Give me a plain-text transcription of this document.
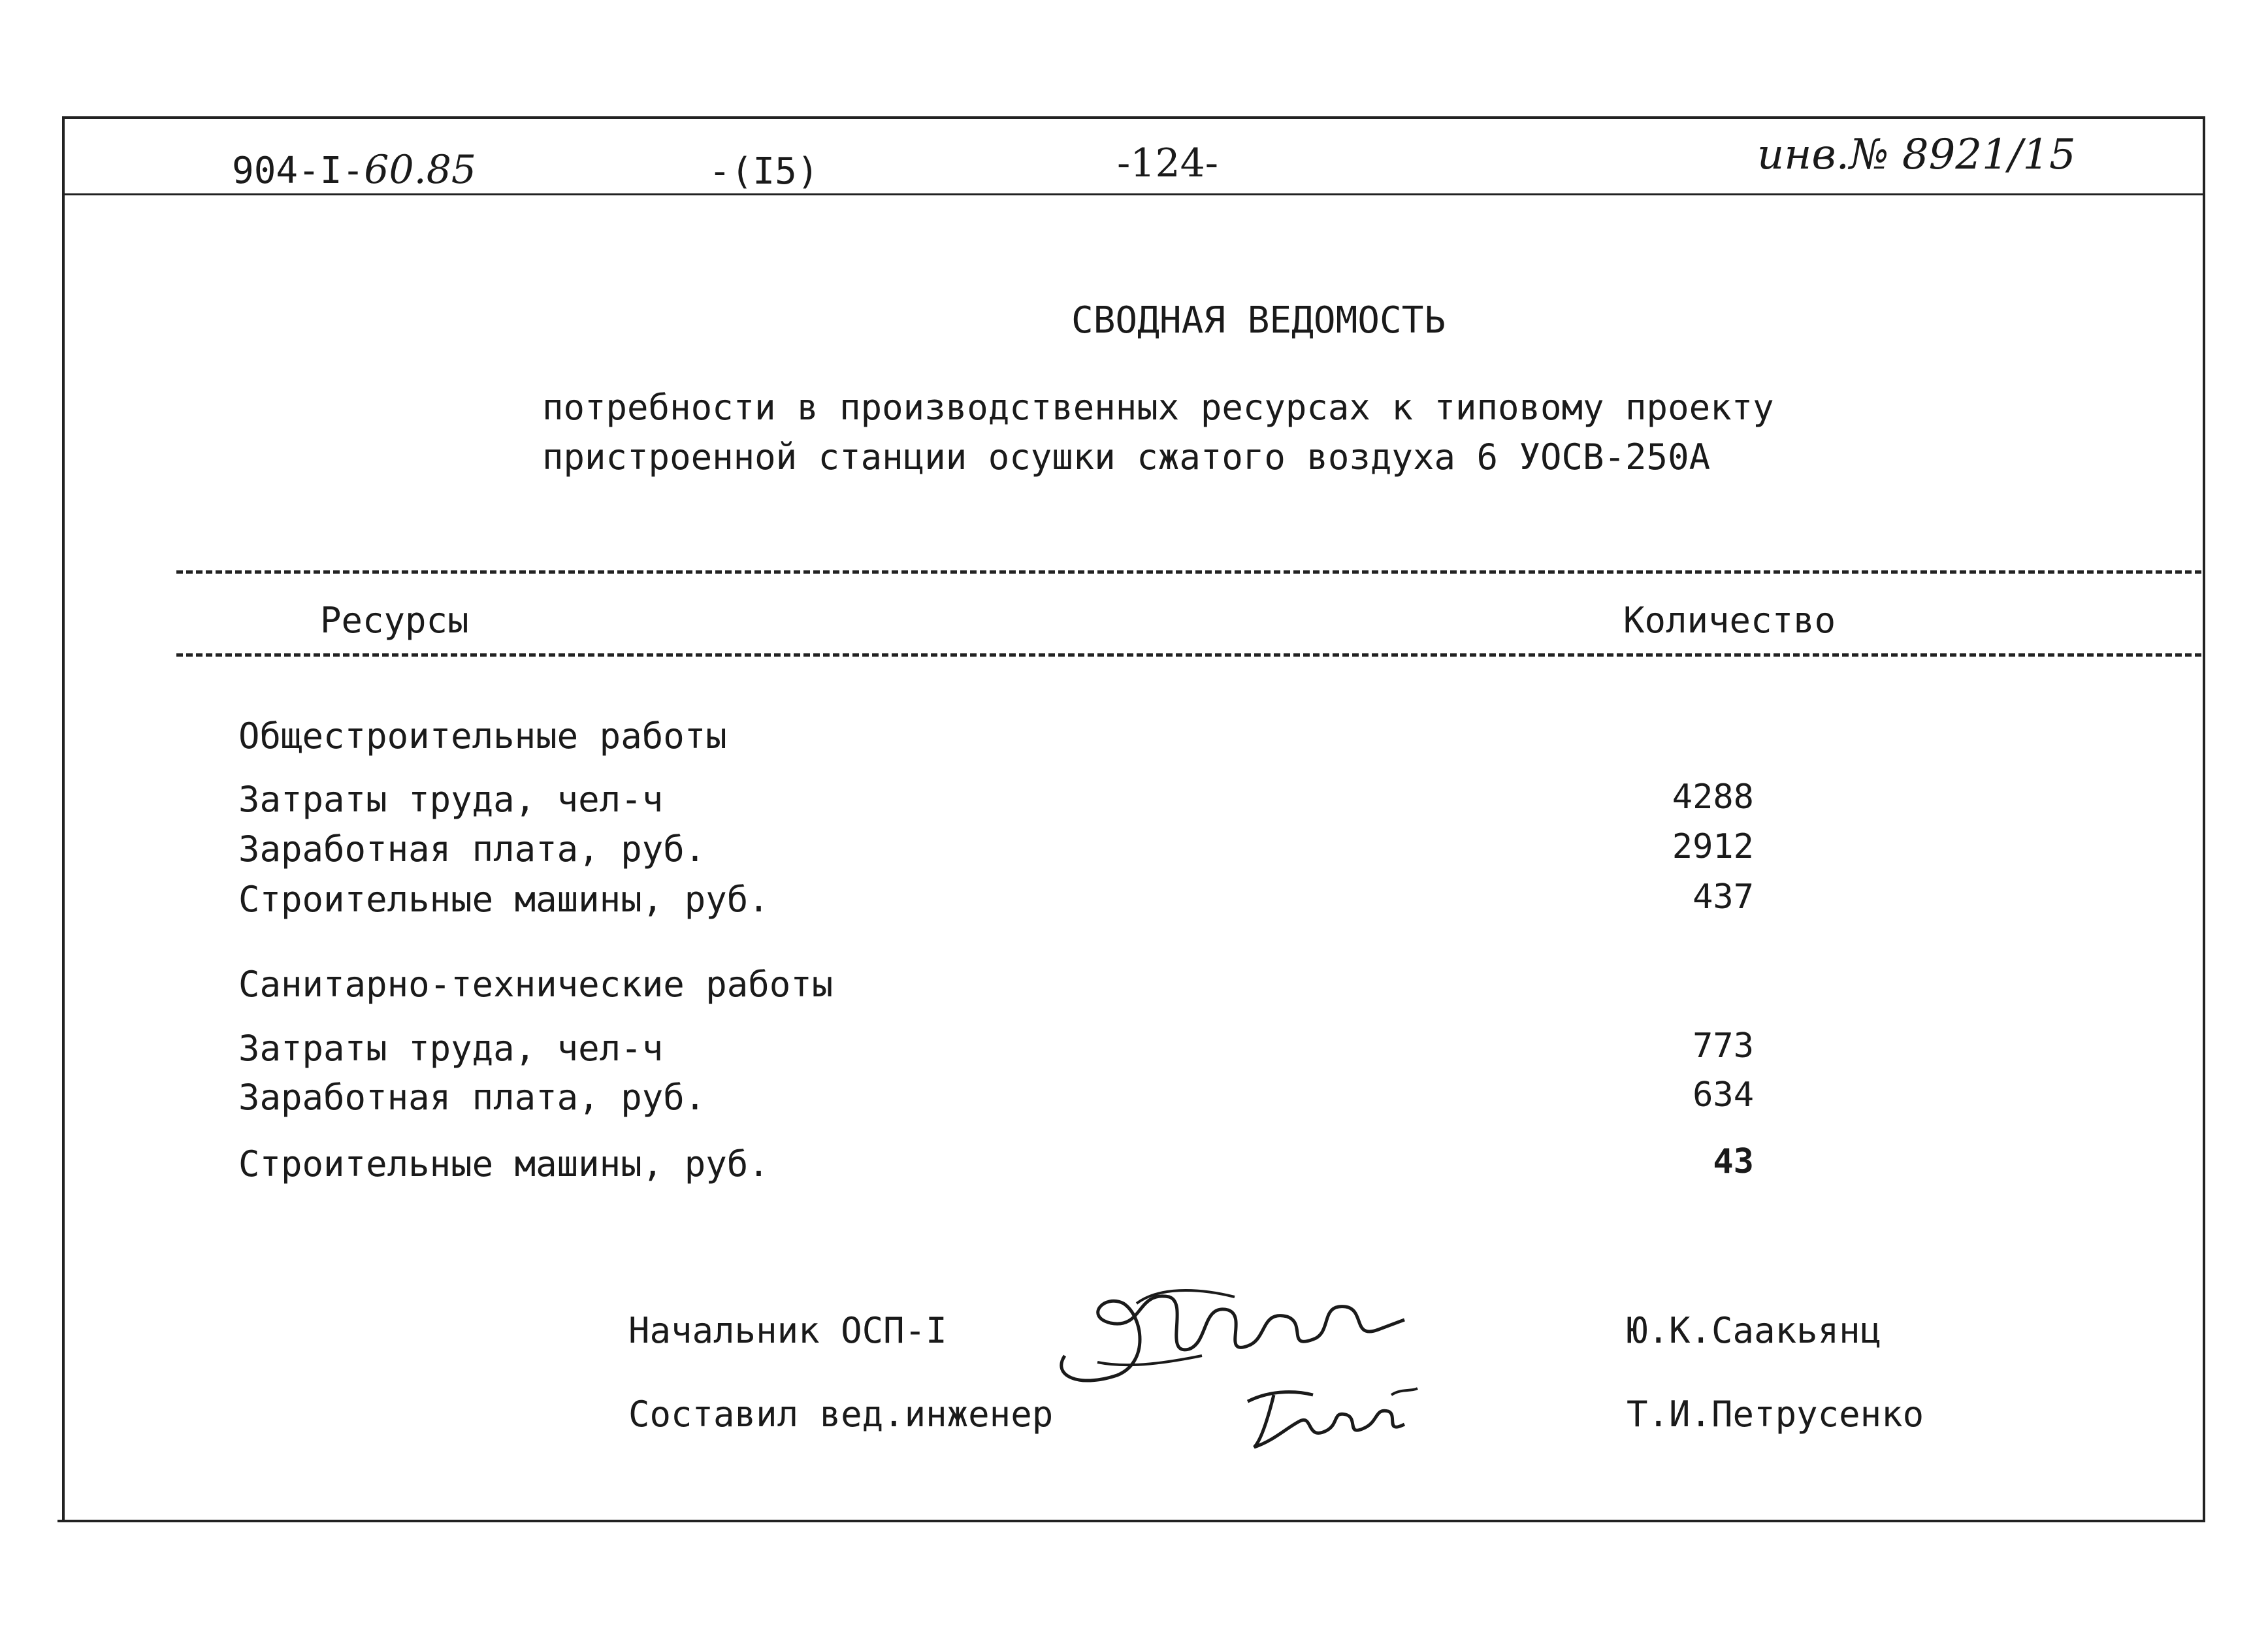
904-I-60.85	-(I5)	-124-	инв.№ 8921/15
СВОДНАЯ ВЕДОМОСТЬ
потребности в производственных ресурсах к типовому проекту
пристроенной станции осушки сжатого воздуха 6 УОСВ-250А
Ресурсы	Количество
Общестроительные работы
Затраты труда, чел-ч	4288
Заработная плата, руб.	2912
Строительные машины, руб.	437
Санитарно-технические работы
Затраты труда, чел-ч	773
Заработная плата, руб.	634
Строительные машины, руб.	43
Начальник ОСП-I	Ю.К.Саакьянц
Составил вед.инженер	Т.И.Петрусенко
